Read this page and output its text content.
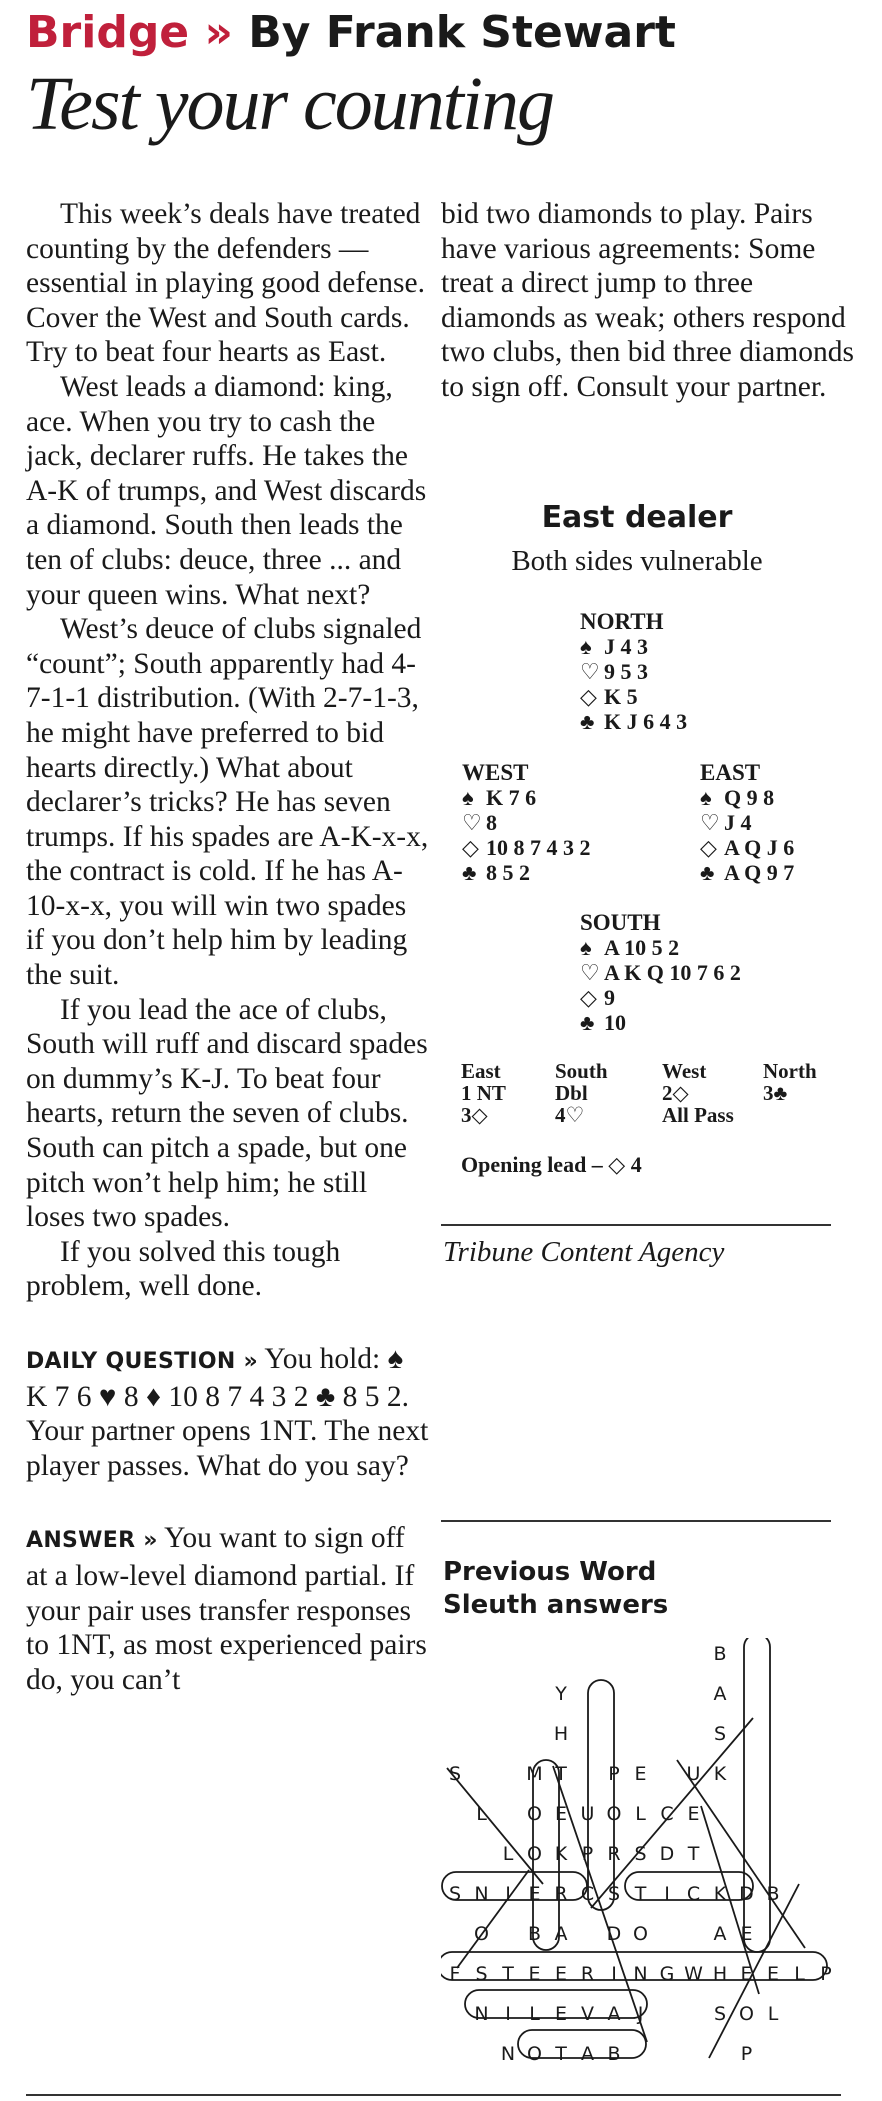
Bridge » By Frank Stewart
Test your counting

This week’s deals have treated counting by the defenders — essential in playing good defense. Cover the West and South cards. Try to beat four hearts as East.

West leads a diamond: king, ace. When you try to cash the jack, declarer ruffs. He takes the A-K of trumps, and West discards a diamond. South then leads the ten of clubs: deuce, three ... and your queen wins. What next?

West’s deuce of clubs signaled “count”; South apparently had 4-7-1-1 distribution. (With 2-7-1-3, he might have preferred to bid hearts directly.) What about declarer’s tricks? He has seven trumps. If his spades are A-K-x-x, the contract is cold. If he has A-10-x-x, you will win two spades if you don’t help him by leading the suit.

If you lead the ace of clubs, South will ruff and discard spades on dummy’s K-J. To beat four hearts, return the seven of clubs. South can pitch a spade, but one pitch won’t help him; he still loses two spades.

If you solved this tough problem, well done.

DAILY QUESTION » You hold: ♠ K 7 6 ♥ 8 ♦ 10 8 7 4 3 2 ♣ 8 5 2. Your partner opens 1NT. The next player passes. What do you say?

ANSWER » You want to sign off at a low-level diamond partial. If your pair uses transfer responses to 1NT, as most experienced pairs do, you can’t

bid two diamonds to play. Pairs have various agreements: Some treat a direct jump to three diamonds as weak; others respond two clubs, then bid three diamonds to sign off. Consult your partner.

East dealer
Both sides vulnerable
NORTH
♠ J 4 3
♡ 9 5 3
◇ K 5
♣ K J 6 4 3
WEST
♠ K 7 6
♡ 8
◇ 10 8 7 4 3 2
♣ 8 5 2
EAST
♠ Q 9 8
♡ J 4
◇ A Q J 6
♣ A Q 9 7
SOUTH
♠ A 10 5 2
♡ A K Q 10 7 6 2
◇ 9
♣ 10
East	South	West	North
1 NT	Dbl	2◇	3♣
3◇	4♡	All Pass	
Opening lead – ◇ 4
Tribune Content Agency
Previous Word
Sleuth answers
B
Y	A
H	S
S	M T P E U K
L O E U O L C E
L O K P R S D T
S N I E R C S T I C K D B
O B A D O	A E
F S T E E R I N G W H E E L P
N I L E V A J	S O L
N O T A B	P
